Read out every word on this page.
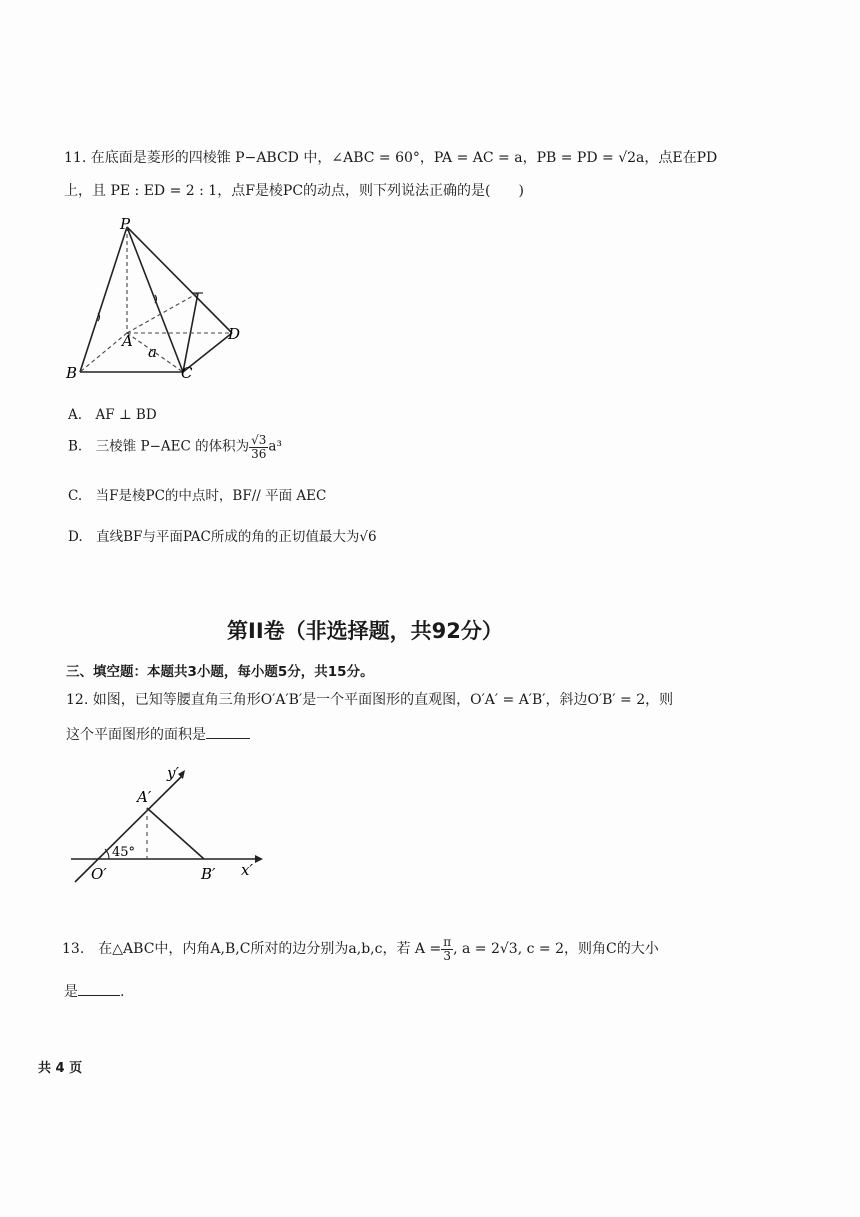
11. 在底面是菱形的四棱锥 P−ABCD 中，∠ABC = 60°，PA = AC = a，PB = PD = √2a，点E在PD
上，且 PE : ED = 2 : 1，点F是棱PC的动点，则下列说法正确的是(　　)
P
A
B	C
D
a
A.　AF ⊥ BD
B.　三棱锥 P−AEC 的体积为 $\frac{√3}{36} a^3$
C.　当F是棱PC的中点时，BF// 平面 AEC
D.　直线BF与平面PAC所成的角的正切值最大为√6
第II卷（非选择题，共92分）
三、填空题：本题共3小题，每小题5分，共15分。
12. 如图，已知等腰直角三角形O′A′B′是一个平面图形的直观图，O′A′ = A′B′，斜边O′B′ = 2，则
这个平面图形的面积是
y′
A′
45°
O′	B′ x′
13.　在△ABC中，内角A,B,C所对的边分别为a,b,c，若 $A = \frac{\pi}{3}$ , a = 2√3, c = 2，则角C的大小
是	.
共 4 页
